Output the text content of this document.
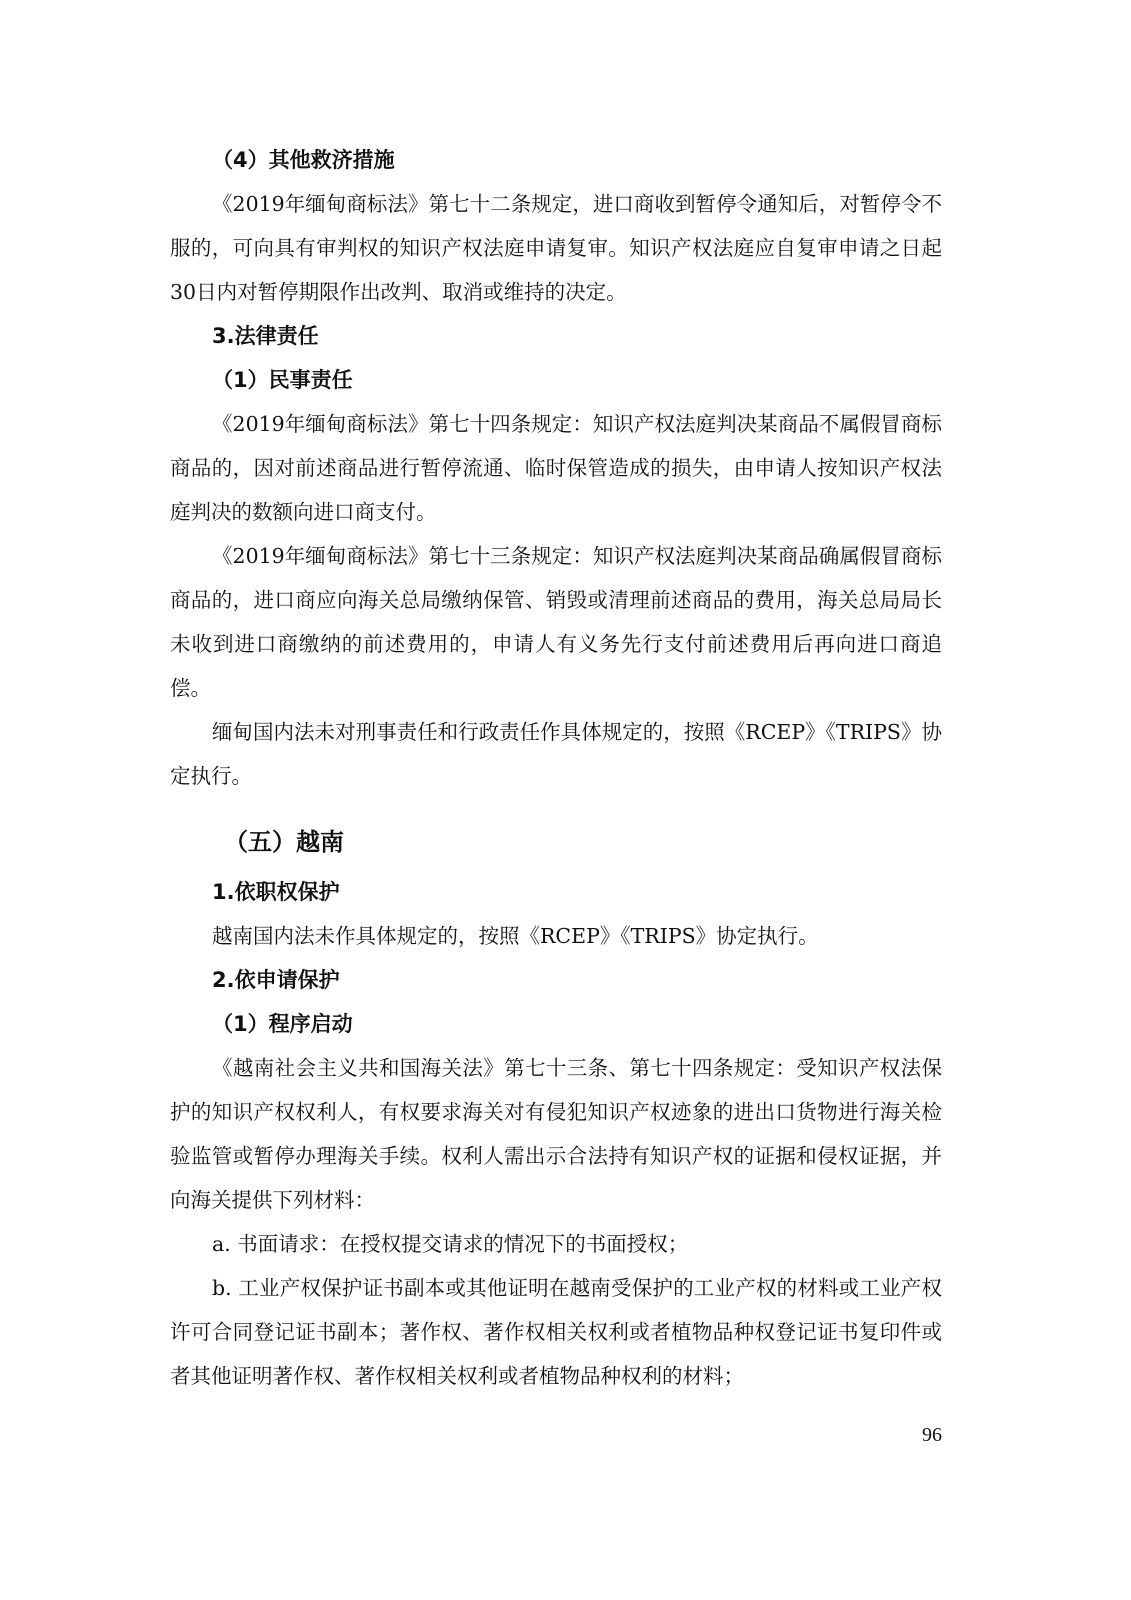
（4）其他救济措施

《2019年缅甸商标法》第七十二条规定，进口商收到暂停令通知后，对暂停令不服的，可向具有审判权的知识产权法庭申请复审。知识产权法庭应自复审申请之日起30日内对暂停期限作出改判、取消或维持的决定。

3.法律责任
（1）民事责任

《2019年缅甸商标法》第七十四条规定：知识产权法庭判决某商品不属假冒商标商品的，因对前述商品进行暂停流通、临时保管造成的损失，由申请人按知识产权法庭判决的数额向进口商支付。

《2019年缅甸商标法》第七十三条规定：知识产权法庭判决某商品确属假冒商标商品的，进口商应向海关总局缴纳保管、销毁或清理前述商品的费用，海关总局局长未收到进口商缴纳的前述费用的，申请人有义务先行支付前述费用后再向进口商追偿。

缅甸国内法未对刑事责任和行政责任作具体规定的，按照《RCEP》《TRIPS》协定执行。

（五）越南
1.依职权保护

越南国内法未作具体规定的，按照《RCEP》《TRIPS》协定执行。

2.依申请保护
（1）程序启动

《越南社会主义共和国海关法》第七十三条、第七十四条规定：受知识产权法保护的知识产权权利人，有权要求海关对有侵犯知识产权迹象的进出口货物进行海关检验监管或暂停办理海关手续。权利人需出示合法持有知识产权的证据和侵权证据，并向海关提供下列材料：

a. 书面请求：在授权提交请求的情况下的书面授权；

b. 工业产权保护证书副本或其他证明在越南受保护的工业产权的材料或工业产权许可合同登记证书副本；著作权、著作权相关权利或者植物品种权登记证书复印件或者其他证明著作权、著作权相关权利或者植物品种权利的材料；

96
